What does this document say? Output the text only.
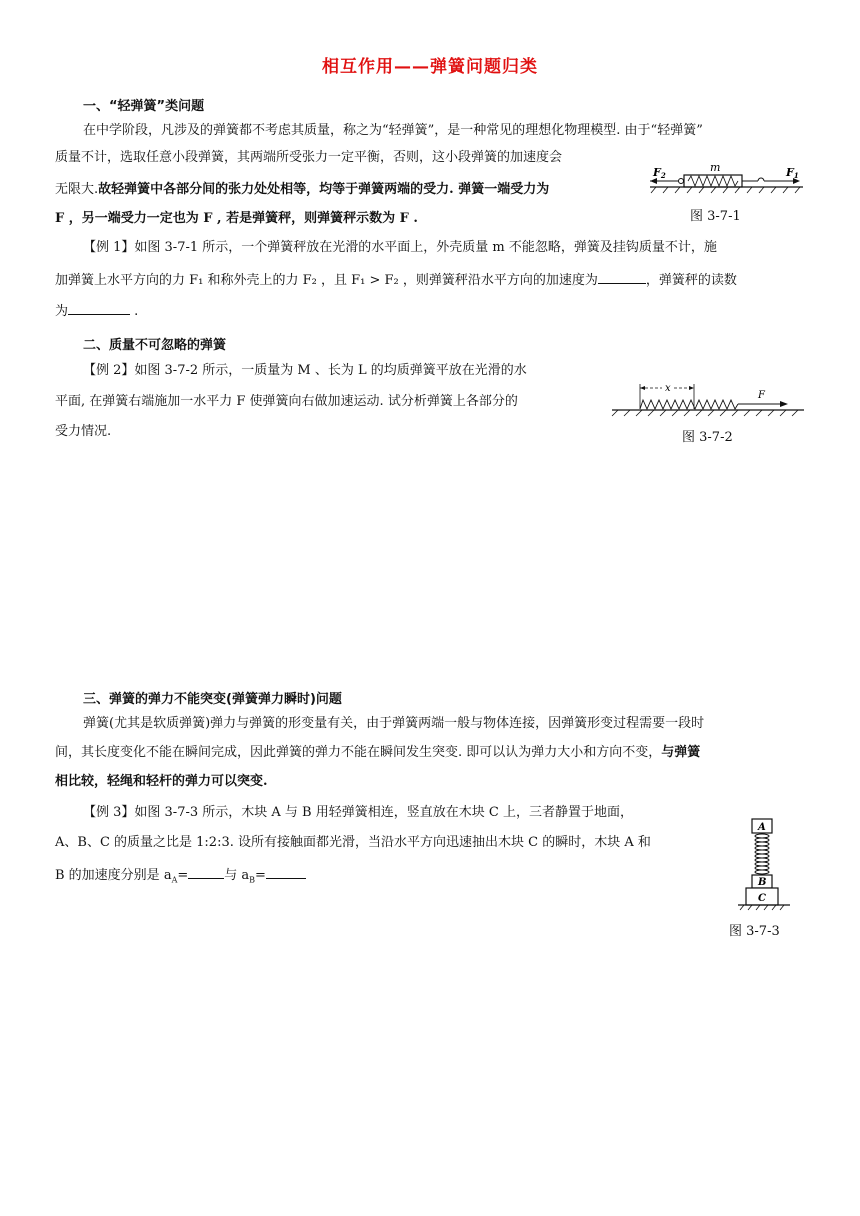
相互作用——弹簧问题归类
一、“轻弹簧”类问题
在中学阶段，凡涉及的弹簧都不考虑其质量，称之为“轻弹簧”，是一种常见的理想化物理模型. 由于“轻弹簧”
质量不计，选取任意小段弹簧，其两端所受张力一定平衡，否则，这小段弹簧的加速度会
无限大.故轻弹簧中各部分间的张力处处相等，均等于弹簧两端的受力. 弹簧一端受力为
F ，另一端受力一定也为 F , 若是弹簧秤，则弹簧秤示数为 F .
F2
m	F1
图 3-7-1
【例 1】如图 3-7-1 所示，一个弹簧秤放在光滑的水平面上，外壳质量 m 不能忽略，弹簧及挂钩质量不计，施
加弹簧上水平方向的力 F₁ 和称外壳上的力 F₂ ，且 F₁ > F₂ ，则弹簧秤沿水平方向的加速度为	，弹簧秤的读数
为	.
二、质量不可忽略的弹簧
【例 2】如图 3-7-2 所示，一质量为 M 、长为 L 的均质弹簧平放在光滑的水
平面, 在弹簧右端施加一水平力 F 使弹簧向右做加速运动. 试分析弹簧上各部分的
受力情况.
x
F
图 3-7-2
三、弹簧的弹力不能突变(弹簧弹力瞬时)问题
弹簧(尤其是软质弹簧)弹力与弹簧的形变量有关，由于弹簧两端一般与物体连接，因弹簧形变过程需要一段时
间，其长度变化不能在瞬间完成，因此弹簧的弹力不能在瞬间发生突变. 即可以认为弹力大小和方向不变，与弹簧
相比较，轻绳和轻杆的弹力可以突变.
【例 3】如图 3-7-3 所示，木块 A 与 B 用轻弹簧相连，竖直放在木块 C 上，三者静置于地面，
A、B、C 的质量之比是 1:2:3. 设所有接触面都光滑，当沿水平方向迅速抽出木块 C 的瞬时，木块 A 和
B 的加速度分别是 $a_A=$	与 $a_B=$
A
B
C
图 3-7-3
